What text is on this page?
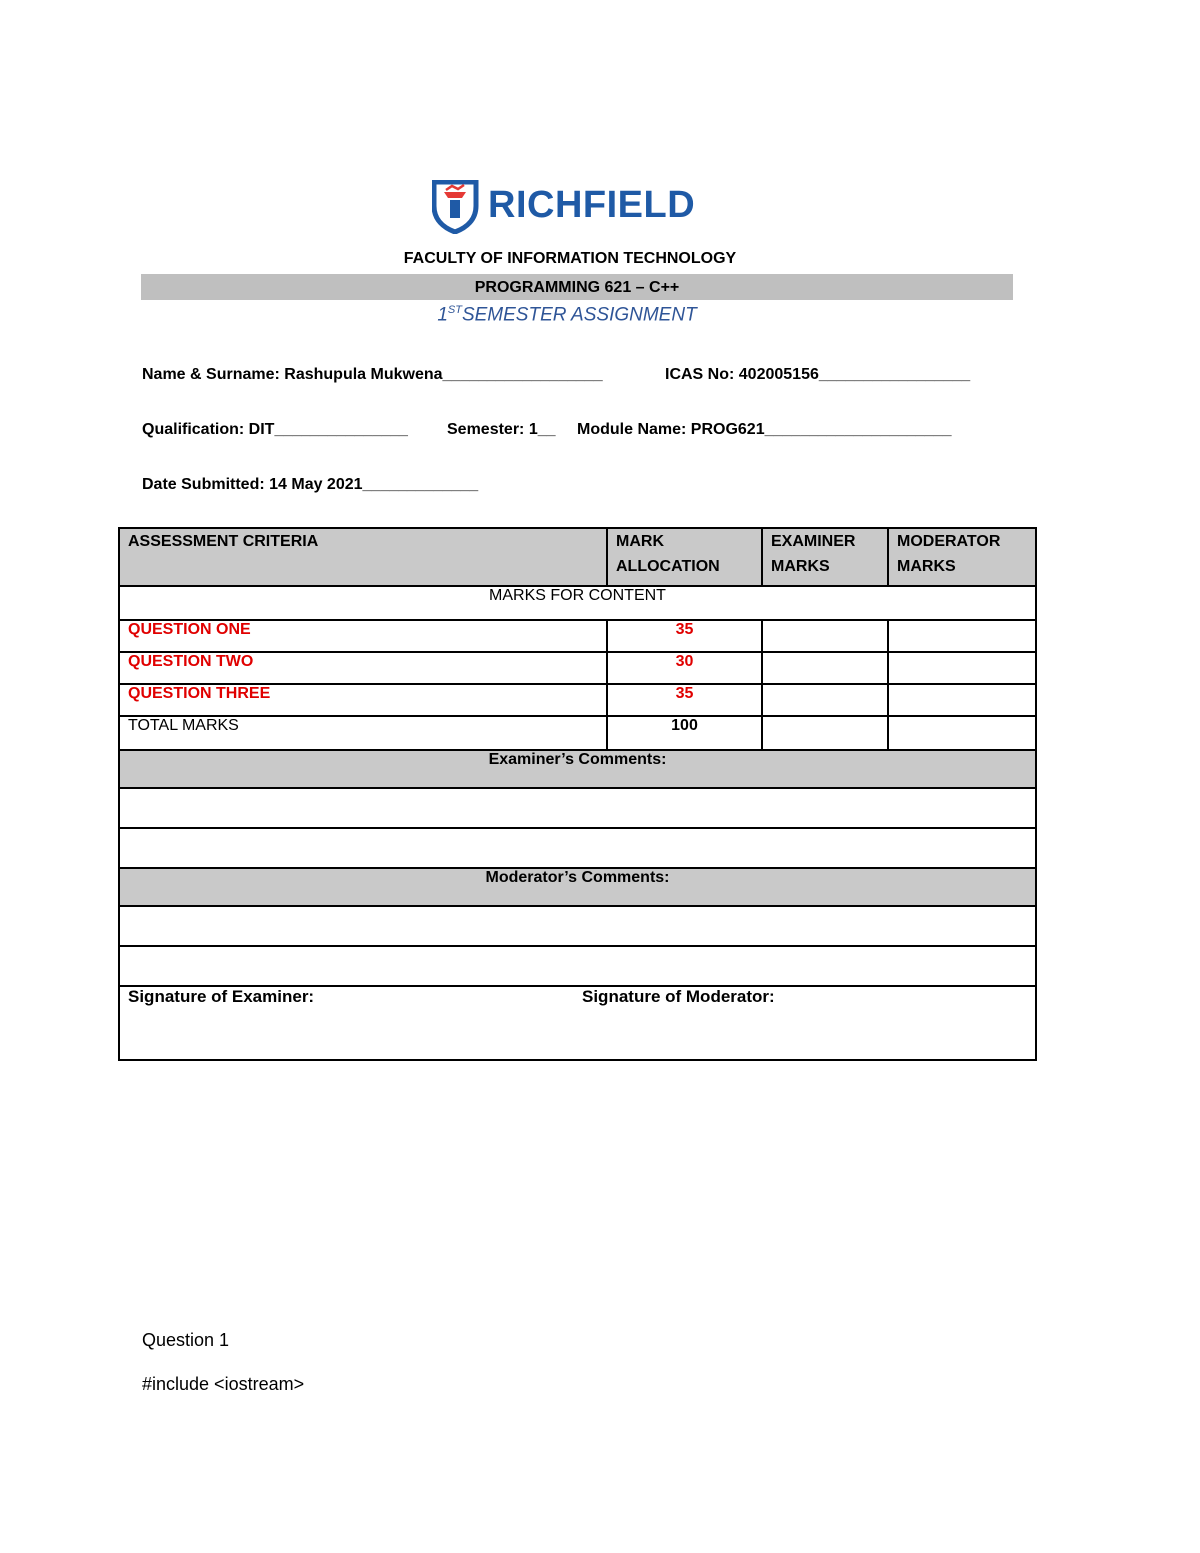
RICHFIELD
FACULTY OF INFORMATION TECHNOLOGY
PROGRAMMING 621 – C++
1STSEMESTER ASSIGNMENT
Name & Surname: Rashupula Mukwena__________________	ICAS No: 402005156_________________
Qualification: DIT_______________ Semester: 1__ Module Name: PROG621_____________________
Date Submitted: 14 May 2021_____________
ASSESSMENT CRITERIA	MARK ALLOCATION	EXAMINER MARKS	MODERATOR MARKS
MARKS FOR CONTENT			
QUESTION ONE	35		
QUESTION TWO	30		
QUESTION THREE	35		
TOTAL MARKS	100		
Examiner’s Comments:			

Moderator’s Comments:			

Signature of Examiner: Signature of Moderator:			
Question 1
#include <iostream>
